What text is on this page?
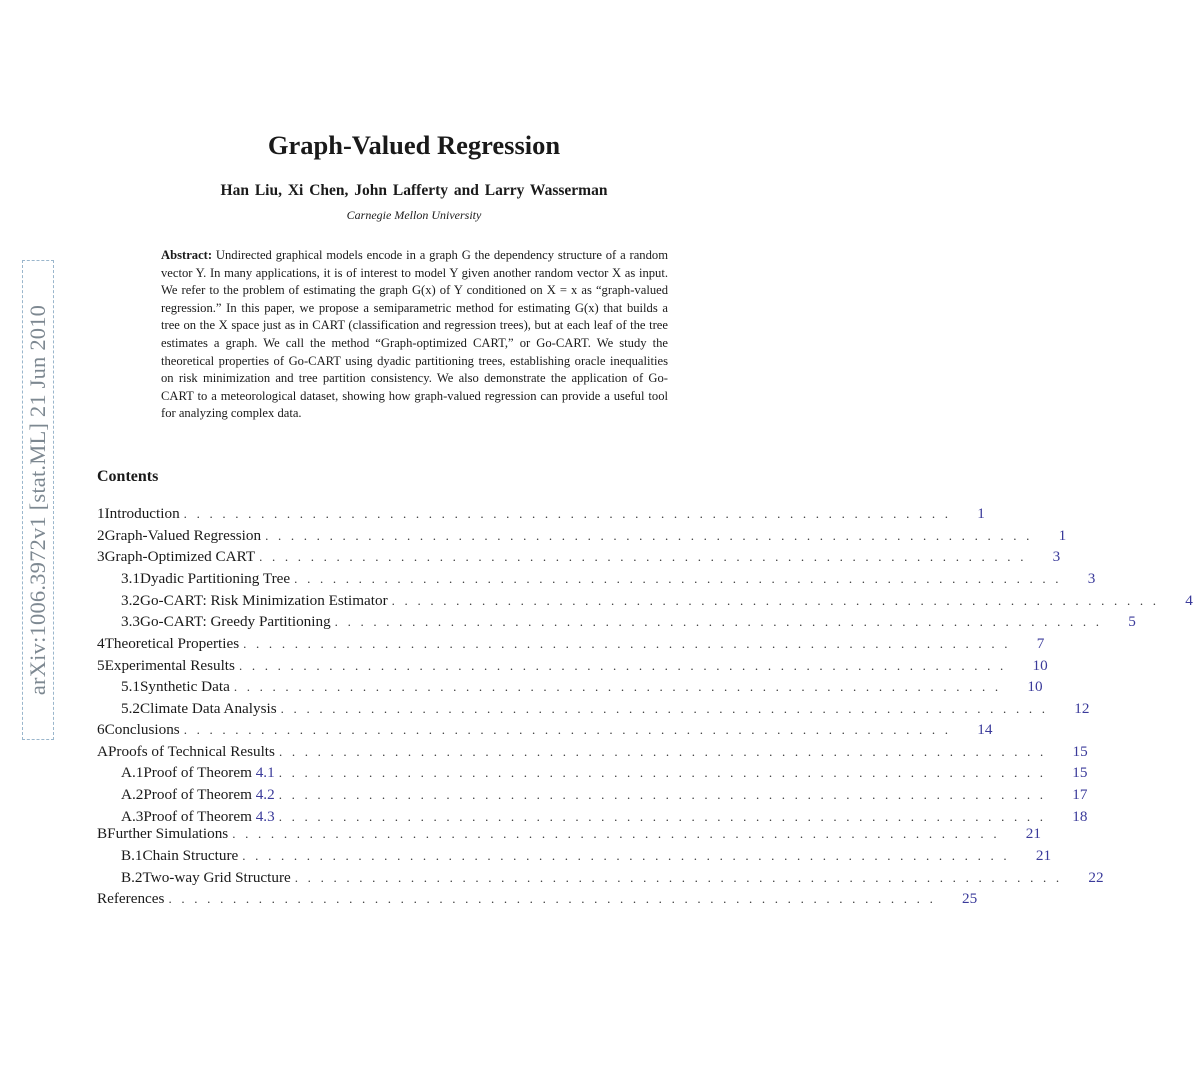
arXiv:1006.3972v1 [stat.ML] 21 Jun 2010
Graph-Valued Regression
Han Liu, Xi Chen, John Lafferty and Larry Wasserman
Carnegie Mellon University
Abstract: Undirected graphical models encode in a graph G the dependency structure of a random vector Y. In many applications, it is of interest to model Y given another random vector X as input. We refer to the problem of estimating the graph G(x) of Y conditioned on X = x as “graph-valued regression.” In this paper, we propose a semiparametric method for estimating G(x) that builds a tree on the X space just as in CART (classification and regression trees), but at each leaf of the tree estimates a graph. We call the method “Graph-optimized CART,” or Go-CART. We study the theoretical properties of Go-CART using dyadic partitioning trees, establishing oracle inequalities on risk minimization and tree partition consistency. We also demonstrate the application of Go-CART to a meteorological dataset, showing how graph-valued regression can provide a useful tool for analyzing complex data.
Contents
1 Introduction . . . . . . . . . . . . . . . . . . . . . . . . . . . . . . . . . . . . . . . . . . . . . . . . . . . . . . . . . . . . 1
2 Graph-Valued Regression . . . . . . . . . . . . . . . . . . . . . . . . . . . . . . . . . . . . . . . . . . . . . . . . . . . . . . . . . . . . 1
3 Graph-Optimized CART . . . . . . . . . . . . . . . . . . . . . . . . . . . . . . . . . . . . . . . . . . . . . . . . . . . . . . . . . . . . 3
3.1 Dyadic Partitioning Tree . . . . . . . . . . . . . . . . . . . . . . . . . . . . . . . . . . . . . . . . . . . . . . . . . . . . . . . . . . . . 3
3.2 Go-CART: Risk Minimization Estimator . . . . . . . . . . . . . . . . . . . . . . . . . . . . . . . . . . . . . . . . . . . . . . . . . . . . . . . . . . . . 4
3.3 Go-CART: Greedy Partitioning . . . . . . . . . . . . . . . . . . . . . . . . . . . . . . . . . . . . . . . . . . . . . . . . . . . . . . . . . . . . 5
4 Theoretical Properties . . . . . . . . . . . . . . . . . . . . . . . . . . . . . . . . . . . . . . . . . . . . . . . . . . . . . . . . . . . . 7
5 Experimental Results . . . . . . . . . . . . . . . . . . . . . . . . . . . . . . . . . . . . . . . . . . . . . . . . . . . . . . . . . . . . 10
5.1 Synthetic Data . . . . . . . . . . . . . . . . . . . . . . . . . . . . . . . . . . . . . . . . . . . . . . . . . . . . . . . . . . . . 10
5.2 Climate Data Analysis . . . . . . . . . . . . . . . . . . . . . . . . . . . . . . . . . . . . . . . . . . . . . . . . . . . . . . . . . . . . 12
6 Conclusions . . . . . . . . . . . . . . . . . . . . . . . . . . . . . . . . . . . . . . . . . . . . . . . . . . . . . . . . . . . . 14
A Proofs of Technical Results . . . . . . . . . . . . . . . . . . . . . . . . . . . . . . . . . . . . . . . . . . . . . . . . . . . . . . . . . . . . 15
A.1 Proof of Theorem 4.1 . . . . . . . . . . . . . . . . . . . . . . . . . . . . . . . . . . . . . . . . . . . . . . . . . . . . . . . . . . . . 15
A.2 Proof of Theorem 4.2 . . . . . . . . . . . . . . . . . . . . . . . . . . . . . . . . . . . . . . . . . . . . . . . . . . . . . . . . . . . . 17
A.3 Proof of Theorem 4.3 . . . . . . . . . . . . . . . . . . . . . . . . . . . . . . . . . . . . . . . . . . . . . . . . . . . . . . . . . . . . 18
B Further Simulations . . . . . . . . . . . . . . . . . . . . . . . . . . . . . . . . . . . . . . . . . . . . . . . . . . . . . . . . . . . . 21
B.1 Chain Structure . . . . . . . . . . . . . . . . . . . . . . . . . . . . . . . . . . . . . . . . . . . . . . . . . . . . . . . . . . . . 21
B.2 Two-way Grid Structure . . . . . . . . . . . . . . . . . . . . . . . . . . . . . . . . . . . . . . . . . . . . . . . . . . . . . . . . . . . . 22
References . . . . . . . . . . . . . . . . . . . . . . . . . . . . . . . . . . . . . . . . . . . . . . . . . . . . . . . . . . . . 25
